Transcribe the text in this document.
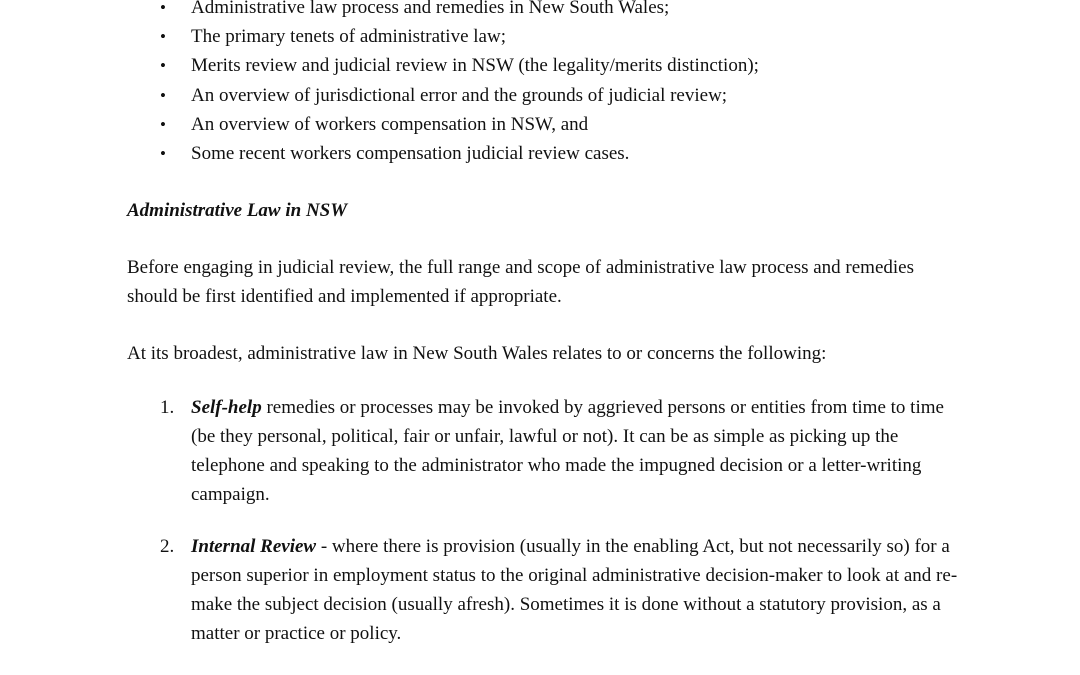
• Administrative law process and remedies in New South Wales;
• The primary tenets of administrative law;
• Merits review and judicial review in NSW (the legality/merits distinction);
• An overview of jurisdictional error and the grounds of judicial review;
• An overview of workers compensation in NSW, and
• Some recent workers compensation judicial review cases.
Administrative Law in NSW

Before engaging in judicial review, the full range and scope of administrative law process and remedies should be first identified and implemented if appropriate.

At its broadest, administrative law in New South Wales relates to or concerns the following:

1. Self-help remedies or processes may be invoked by aggrieved persons or entities from time to time (be they personal, political, fair or unfair, lawful or not). It can be as simple as picking up the telephone and speaking to the administrator who made the impugned decision or a letter-writing campaign.
2. Internal Review - where there is provision (usually in the enabling Act, but not necessarily so) for a person superior in employment status to the original administrative decision-maker to look at and re-make the subject decision (usually afresh). Sometimes it is done without a statutory provision, as a matter or practice or policy.
